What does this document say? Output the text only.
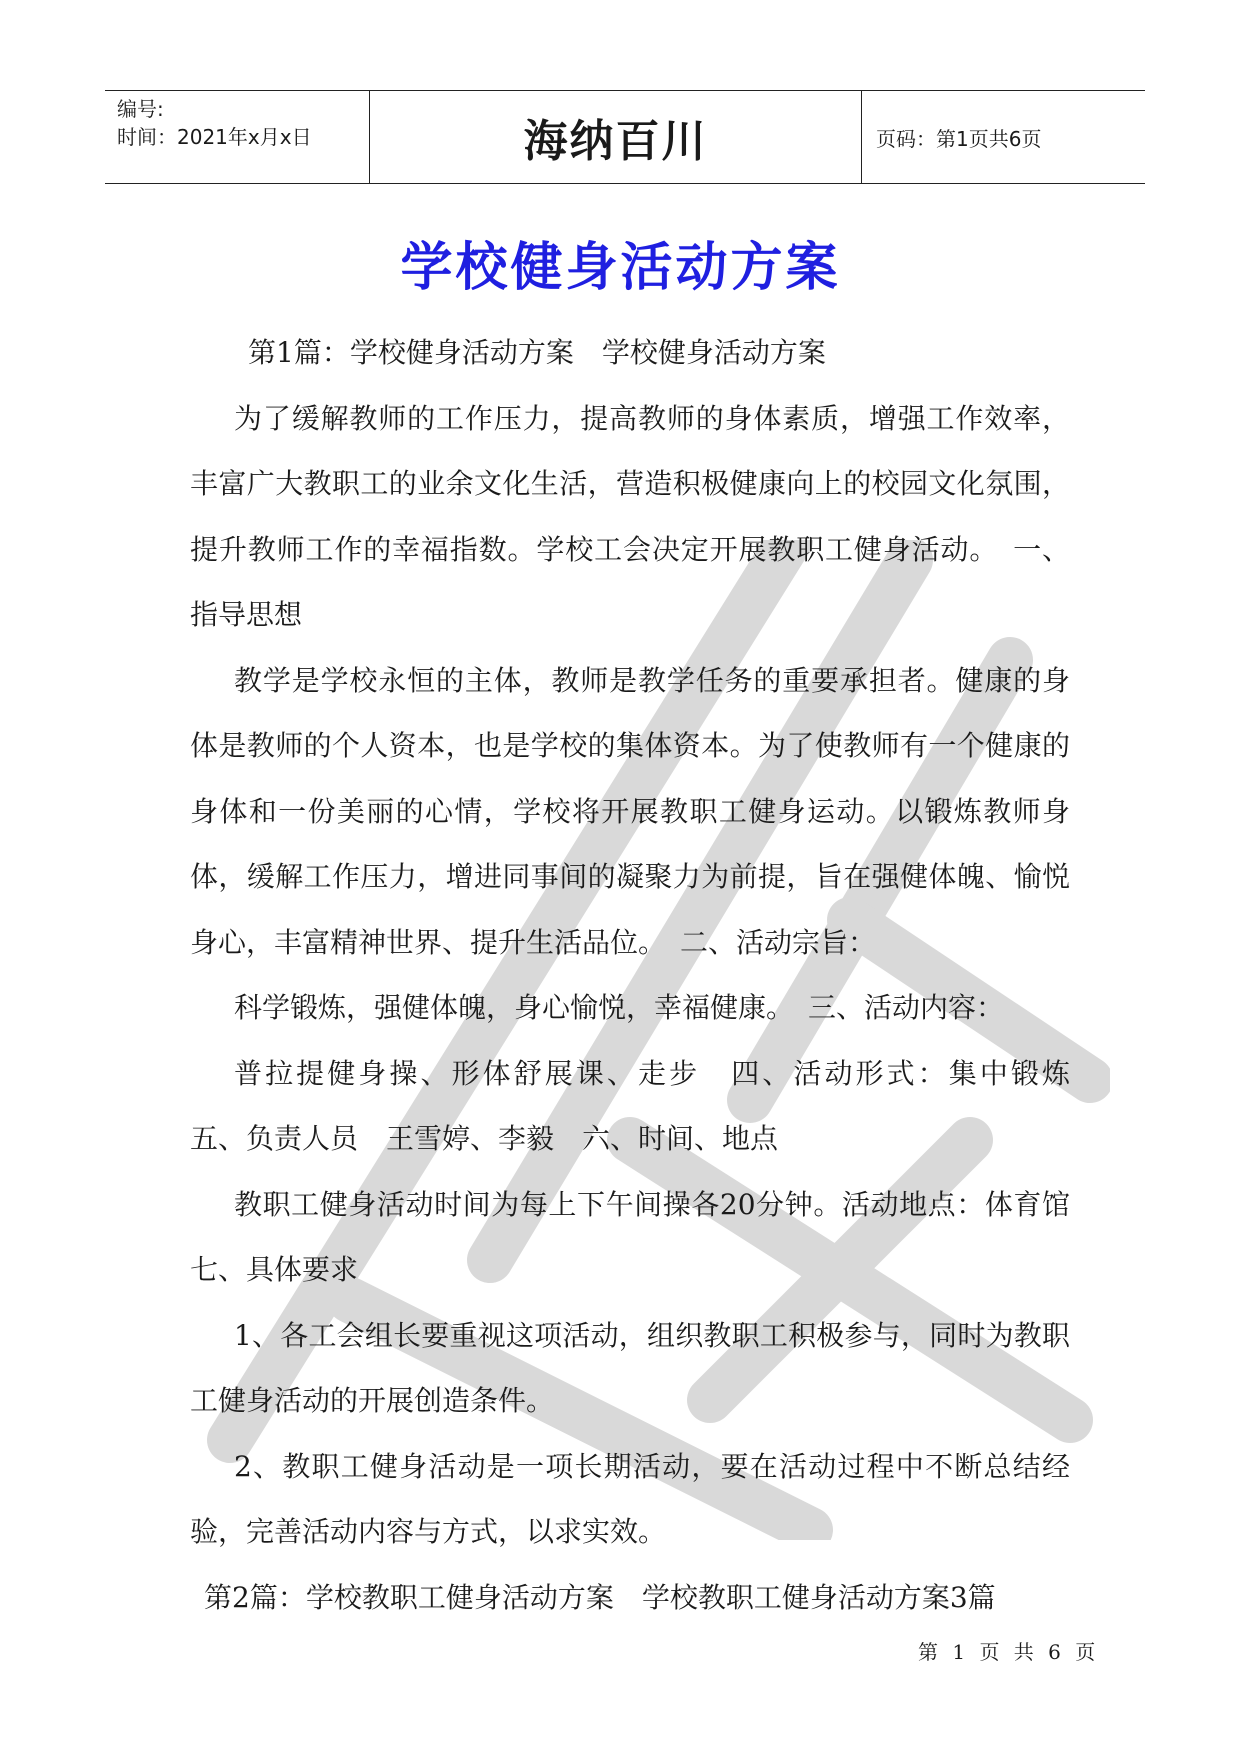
编号:
时间：2021年x月x日	海纳百川	页码：第1页共6页
学校健身活动方案

第1篇：学校健身活动方案　学校健身活动方案

为了缓解教师的工作压力，提高教师的身体素质，增强工作效率，丰富广大教职工的业余文化生活，营造积极健康向上的校园文化氛围，提升教师工作的幸福指数。学校工会决定开展教职工健身活动。　一、指导思想

教学是学校永恒的主体，教师是教学任务的重要承担者。健康的身体是教师的个人资本，也是学校的集体资本。为了使教师有一个健康的身体和一份美丽的心情，学校将开展教职工健身运动。以锻炼教师身体，缓解工作压力，增进同事间的凝聚力为前提，旨在强健体魄、愉悦身心，丰富精神世界、提升生活品位。　二、活动宗旨：

科学锻炼，强健体魄，身心愉悦，幸福健康。　三、活动内容：

普拉提健身操、形体舒展课、走步　四、活动形式：集中锻炼　五、负责人员　王雪婷、李毅　六、时间、地点

教职工健身活动时间为每上下午间操各20分钟。活动地点：体育馆　七、具体要求

1、各工会组长要重视这项活动，组织教职工积极参与，同时为教职工健身活动的开展创造条件。

2、教职工健身活动是一项长期活动，要在活动过程中不断总结经验，完善活动内容与方式，以求实效。

第2篇：学校教职工健身活动方案　学校教职工健身活动方案3篇

第 1 页 共 6 页
